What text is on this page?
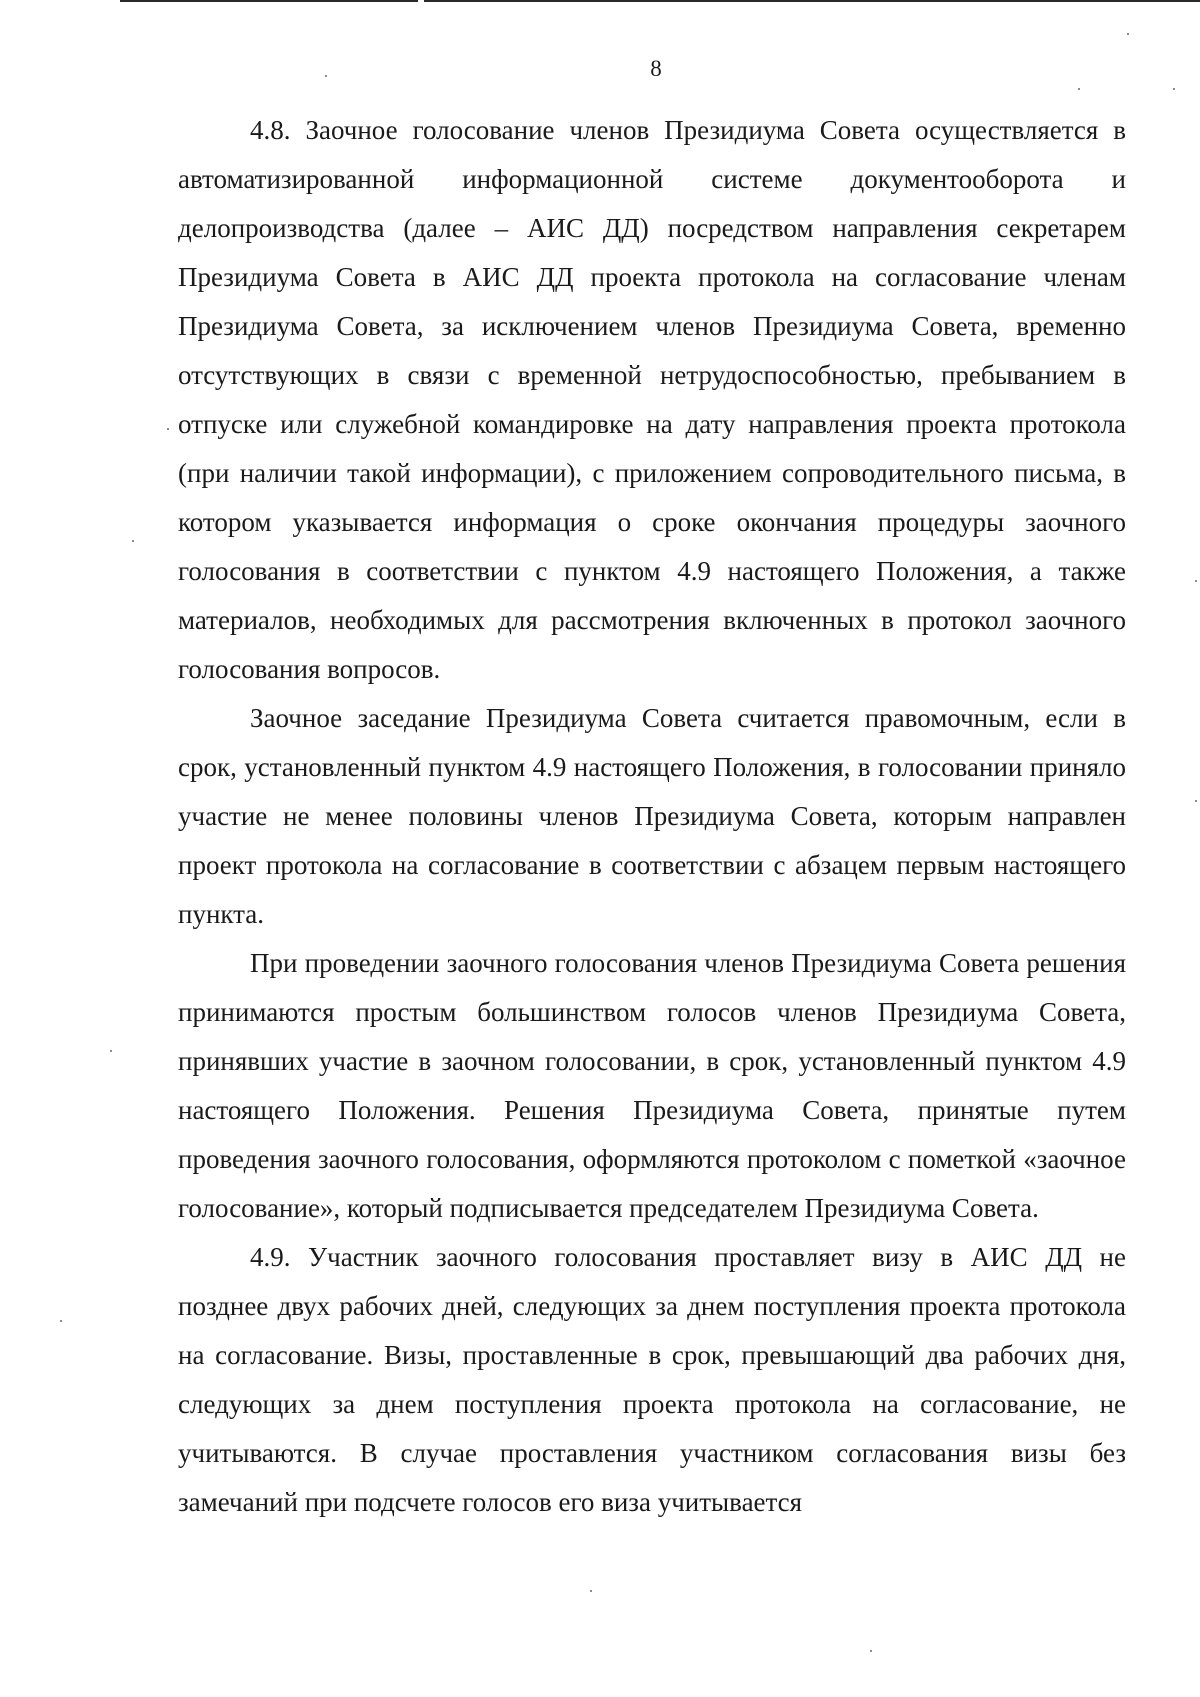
8

4.8. Заочное голосование членов Президиума Совета осуществляется в автоматизированной информационной системе документооборота и делопроизводства (далее – АИС ДД) посредством направления секретарем Президиума Совета в АИС ДД проекта протокола на согласование членам Президиума Совета, за исключением членов Президиума Совета, временно отсутствующих в связи с временной нетрудоспособностью, пребыванием в отпуске или служебной командировке на дату направления проекта протокола (при наличии такой информации), с приложением сопроводительного письма, в котором указывается информация о сроке окончания процедуры заочного голосования в соответствии с пунктом 4.9 настоящего Положения, а также материалов, необходимых для рассмотрения включенных в протокол заочного голосования вопросов.

Заочное заседание Президиума Совета считается правомочным, если в срок, установленный пунктом 4.9 настоящего Положения, в голосовании приняло участие не менее половины членов Президиума Совета, которым направлен проект протокола на согласование в соответствии с абзацем первым настоящего пункта.

При проведении заочного голосования членов Президиума Совета решения принимаются простым большинством голосов членов Президиума Совета, принявших участие в заочном голосовании, в срок, установленный пунктом 4.9 настоящего Положения. Решения Президиума Совета, принятые путем проведения заочного голосования, оформляются протоколом с пометкой «заочное голосование», который подписывается председателем Президиума Совета.

4.9. Участник заочного голосования проставляет визу в АИС ДД не позднее двух рабочих дней, следующих за днем поступления проекта протокола на согласование. Визы, проставленные в срок, превышающий два рабочих дня, следующих за днем поступления проекта протокола на согласование, не учитываются. В случае проставления участником согласования визы без замечаний при подсчете голосов его виза учитывается
